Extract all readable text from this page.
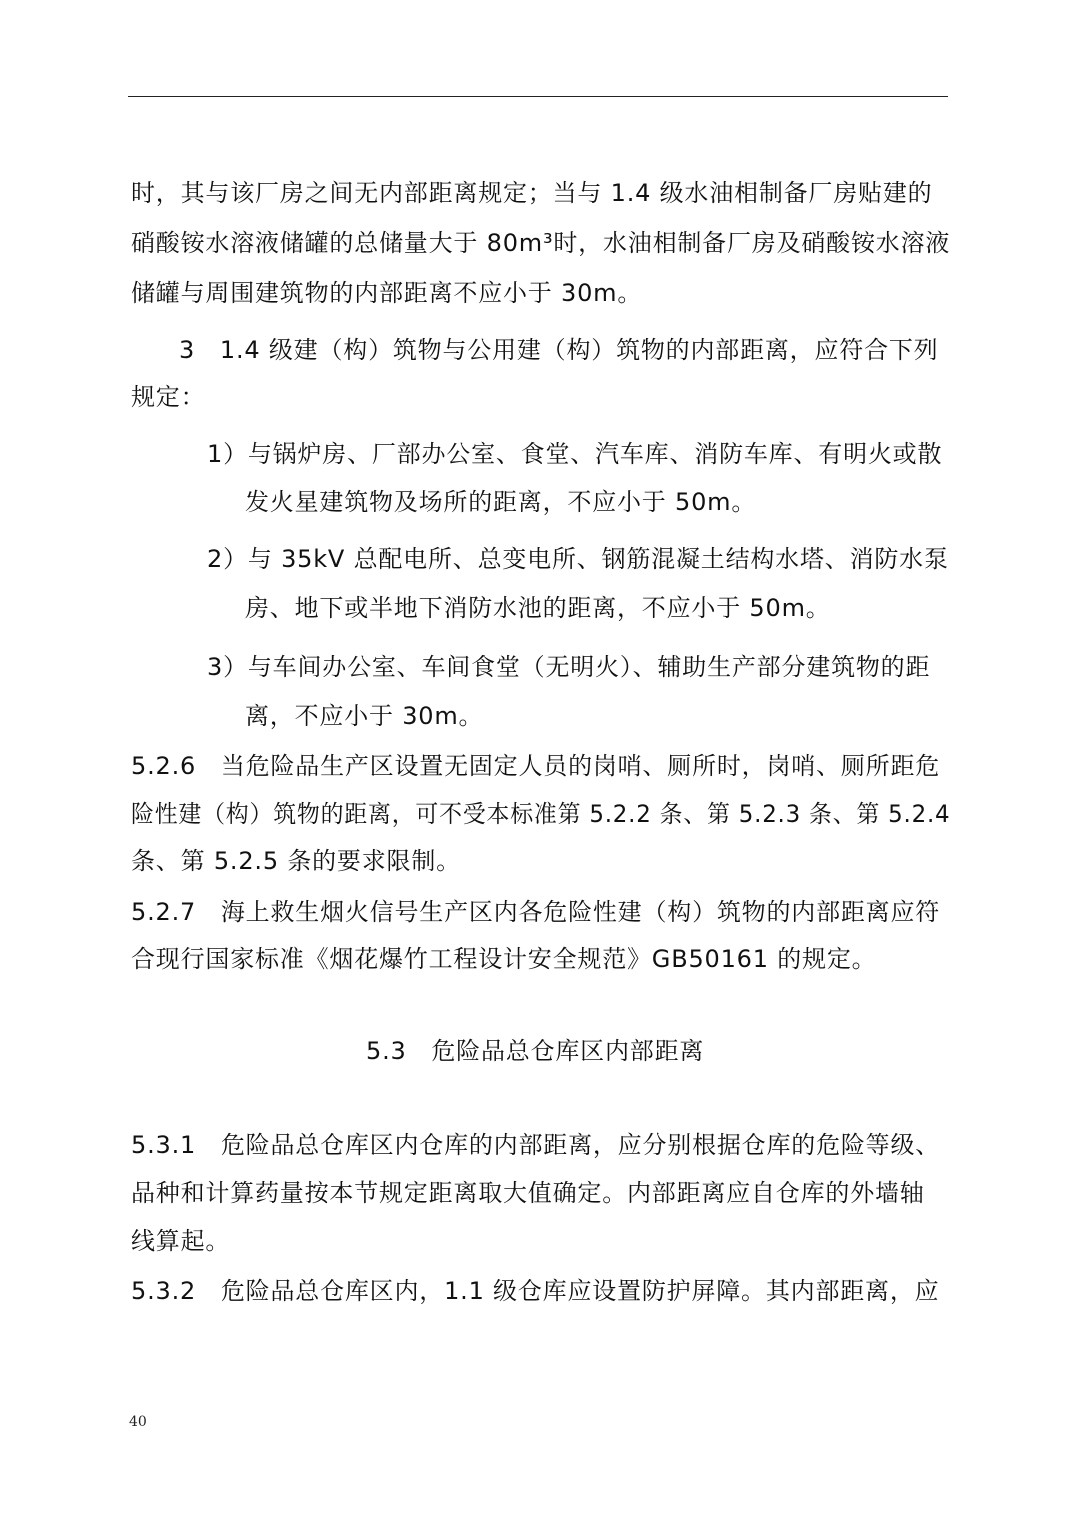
时，其与该厂房之间无内部距离规定；当与 1.4 级水油相制备厂房贴建的
硝酸铵水溶液储罐的总储量大于 80m³时，水油相制备厂房及硝酸铵水溶液
储罐与周围建筑物的内部距离不应小于 30m。
3　1.4 级建（构）筑物与公用建（构）筑物的内部距离，应符合下列
规定：
1）与锅炉房、厂部办公室、食堂、汽车库、消防车库、有明火或散
发火星建筑物及场所的距离，不应小于 50m。
2）与 35kV 总配电所、总变电所、钢筋混凝土结构水塔、消防水泵
房、地下或半地下消防水池的距离，不应小于 50m。
3）与车间办公室、车间食堂（无明火）、辅助生产部分建筑物的距
离，不应小于 30m。
5.2.6　当危险品生产区设置无固定人员的岗哨、厕所时，岗哨、厕所距危
险性建（构）筑物的距离，可不受本标准第 5.2.2 条、第 5.2.3 条、第 5.2.4
条、第 5.2.5 条的要求限制。
5.2.7　海上救生烟火信号生产区内各危险性建（构）筑物的内部距离应符
合现行国家标准《烟花爆竹工程设计安全规范》GB50161 的规定。
5.3　危险品总仓库区内部距离
5.3.1　危险品总仓库区内仓库的内部距离，应分别根据仓库的危险等级、
品种和计算药量按本节规定距离取大值确定。内部距离应自仓库的外墙轴
线算起。
5.3.2　危险品总仓库区内，1.1 级仓库应设置防护屏障。其内部距离，应
40
